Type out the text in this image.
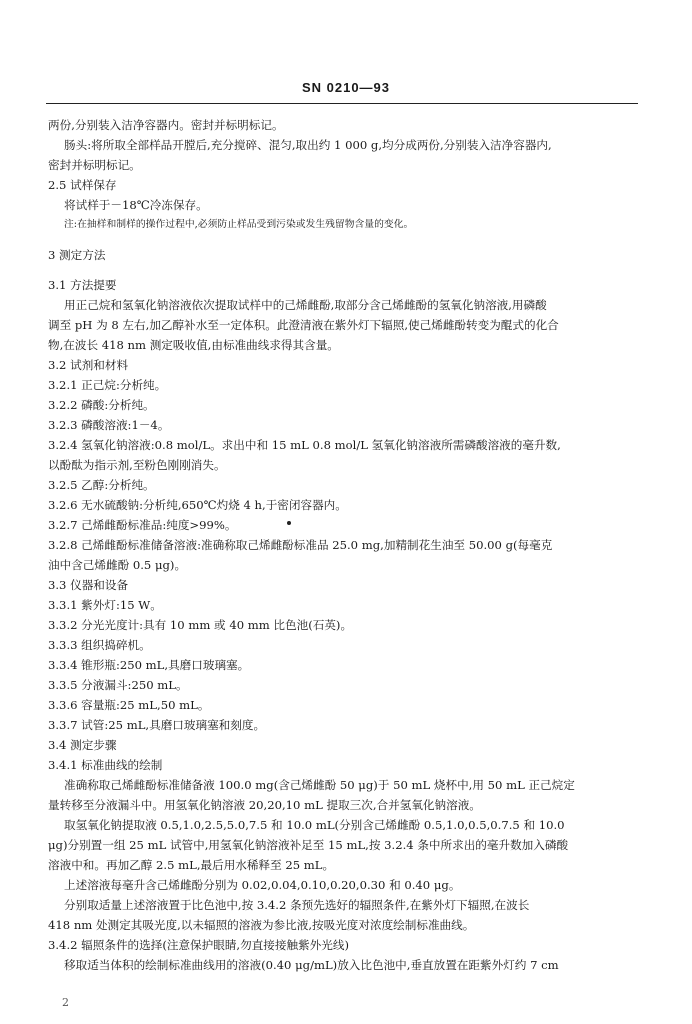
SN 0210—93
两份,分别装入洁净容器内。密封并标明标记。
肠头:将所取全部样品开膛后,充分搅碎、混匀,取出约 1 000 g,均分成两份,分别装入洁净容器内,
密封并标明标记。
2.5 试样保存
将试样于－18℃冷冻保存。
注:在抽样和制样的操作过程中,必须防止样品受到污染或发生残留物含量的变化。
3 测定方法
3.1 方法提要
用正己烷和氢氧化钠溶液依次提取试样中的己烯雌酚,取部分含己烯雌酚的氢氧化钠溶液,用磷酸
调至 pH 为 8 左右,加乙醇补水至一定体积。此澄清液在紫外灯下辐照,使己烯雌酚转变为醌式的化合
物,在波长 418 nm 测定吸收值,由标准曲线求得其含量。
3.2 试剂和材料
3.2.1 正己烷:分析纯。
3.2.2 磷酸:分析纯。
3.2.3 磷酸溶液:1－4。
3.2.4 氢氧化钠溶液:0.8 mol/L。求出中和 15 mL 0.8 mol/L 氢氧化钠溶液所需磷酸溶液的毫升数,
以酚酞为指示剂,至粉色刚刚消失。
3.2.5 乙醇:分析纯。
3.2.6 无水硫酸钠:分析纯,650℃灼烧 4 h,于密闭容器内。
3.2.7 己烯雌酚标准品:纯度>99%。
3.2.8 己烯雌酚标准储备溶液:准确称取己烯雌酚标准品 25.0 mg,加精制花生油至 50.00 g(每毫克
油中含己烯雌酚 0.5 μg)。
3.3 仪器和设备
3.3.1 紫外灯:15 W。
3.3.2 分光光度计:具有 10 mm 或 40 mm 比色池(石英)。
3.3.3 组织捣碎机。
3.3.4 锥形瓶:250 mL,具磨口玻璃塞。
3.3.5 分液漏斗:250 mL。
3.3.6 容量瓶:25 mL,50 mL。
3.3.7 试管:25 mL,具磨口玻璃塞和刻度。
3.4 测定步骤
3.4.1 标准曲线的绘制
准确称取己烯雌酚标准储备液 100.0 mg(含己烯雌酚 50 μg)于 50 mL 烧杯中,用 50 mL 正己烷定
量转移至分液漏斗中。用氢氧化钠溶液 20,20,10 mL 提取三次,合并氢氧化钠溶液。
取氢氧化钠提取液 0.5,1.0,2.5,5.0,7.5 和 10.0 mL(分别含己烯雌酚 0.5,1.0,0.5,0.7.5 和 10.0
μg)分别置一组 25 mL 试管中,用氢氧化钠溶液补足至 15 mL,按 3.2.4 条中所求出的毫升数加入磷酸
溶液中和。再加乙醇 2.5 mL,最后用水稀释至 25 mL。
上述溶液每毫升含己烯雌酚分别为 0.02,0.04,0.10,0.20,0.30 和 0.40 μg。
分别取适量上述溶液置于比色池中,按 3.4.2 条预先选好的辐照条件,在紫外灯下辐照,在波长
418 nm 处测定其吸光度,以未辐照的溶液为参比液,按吸光度对浓度绘制标准曲线。
3.4.2 辐照条件的选择(注意保护眼睛,勿直接接触紫外光线)
移取适当体积的绘制标准曲线用的溶液(0.40 μg/mL)放入比色池中,垂直放置在距紫外灯约 7 cm
2
